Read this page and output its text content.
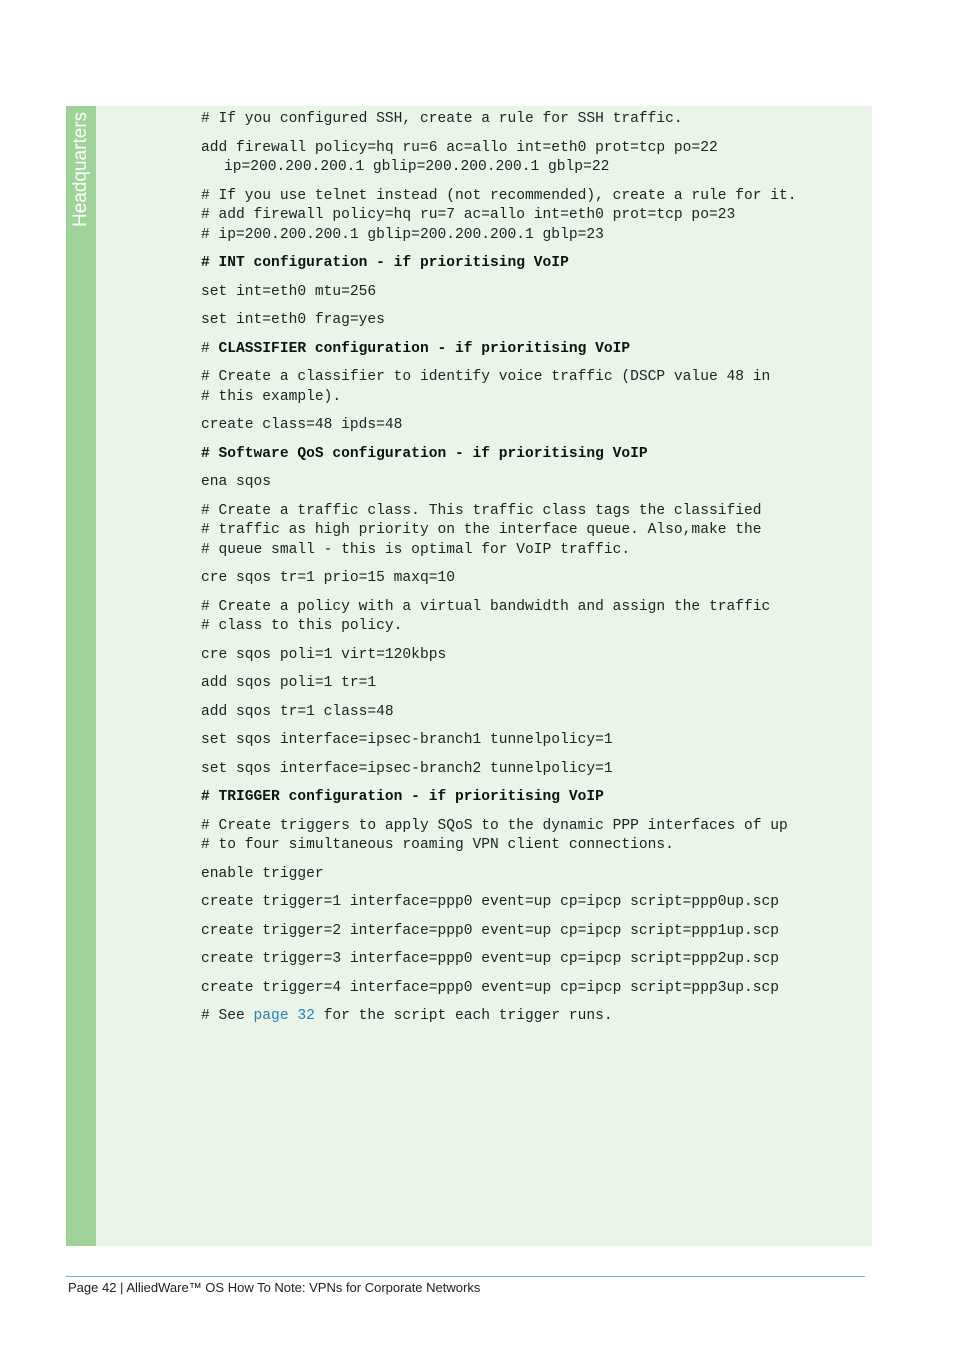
Headquarters	# If you configured SSH, create a rule for SSH traffic.
add firewall policy=hq ru=6 ac=allo int=eth0 prot=tcp po=22
ip=200.200.200.1 gblip=200.200.200.1 gblp=22
# If you use telnet instead (not recommended), create a rule for it.
# add firewall policy=hq ru=7 ac=allo int=eth0 prot=tcp po=23
# ip=200.200.200.1 gblip=200.200.200.1 gblp=23
# INT configuration - if prioritising VoIP
set int=eth0 mtu=256
set int=eth0 frag=yes
# CLASSIFIER configuration - if prioritising VoIP
# Create a classifier to identify voice traffic (DSCP value 48 in
# this example).
create class=48 ipds=48
# Software QoS configuration - if prioritising VoIP
ena sqos
# Create a traffic class. This traffic class tags the classified
# traffic as high priority on the interface queue. Also,make the
# queue small - this is optimal for VoIP traffic.
cre sqos tr=1 prio=15 maxq=10
# Create a policy with a virtual bandwidth and assign the traffic
# class to this policy.
cre sqos poli=1 virt=120kbps
add sqos poli=1 tr=1
add sqos tr=1 class=48
set sqos interface=ipsec-branch1 tunnelpolicy=1
set sqos interface=ipsec-branch2 tunnelpolicy=1
# TRIGGER configuration - if prioritising VoIP
# Create triggers to apply SQoS to the dynamic PPP interfaces of up
# to four simultaneous roaming VPN client connections.
enable trigger
create trigger=1 interface=ppp0 event=up cp=ipcp script=ppp0up.scp
create trigger=2 interface=ppp0 event=up cp=ipcp script=ppp1up.scp
create trigger=3 interface=ppp0 event=up cp=ipcp script=ppp2up.scp
create trigger=4 interface=ppp0 event=up cp=ipcp script=ppp3up.scp
# See page 32 for the script each trigger runs.
Page 42 | AlliedWare™ OS How To Note: VPNs for Corporate Networks
